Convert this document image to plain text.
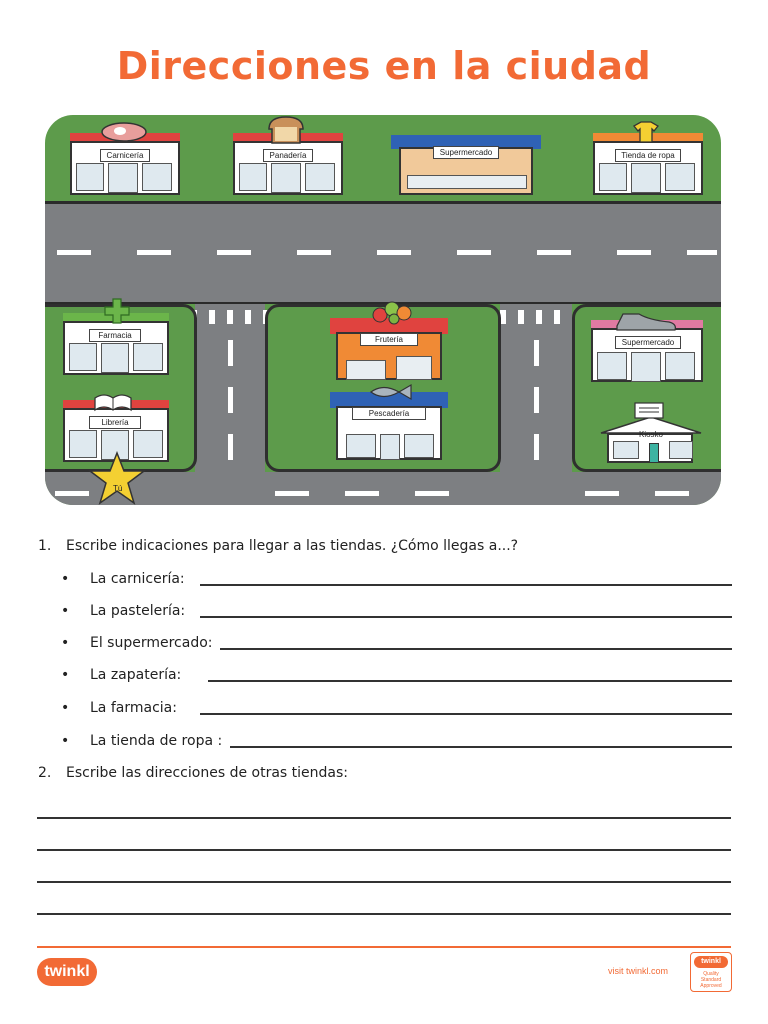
Direcciones en la ciudad
Carnicería	Panadería	Supermercado	Tienda de ropa
Farmacia
Librería
Frutería
Pescadería
Supermercado
Kiosko
Tú
1. Escribe indicaciones para llegar a las tiendas. ¿Cómo llegas a...?
• La carnicería:
• La pastelería:
• El supermercado:
• La zapatería:
• La farmacia:
• La tienda de ropa :
2. Escribe las direcciones de otras tiendas:
twinkl	visit twinkl.com
twinkl
Quality Standard Approved
